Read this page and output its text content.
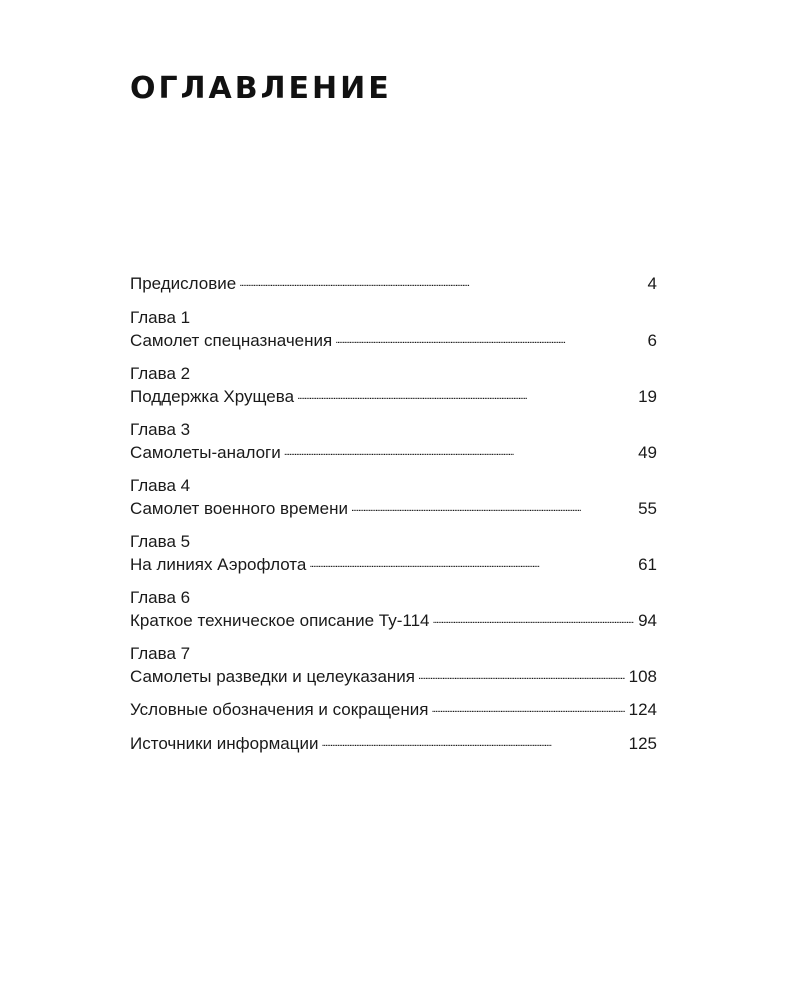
ОГЛАВЛЕНИЕ
Предисловие . . .	4
Глава 1
Самолет спецназначения . . .	6
Глава 2
Поддержка Хрущева . . .	19
Глава 3
Самолеты-аналоги . . .	49
Глава 4
Самолет военного времени . . .	55
Глава 5
На линиях Аэрофлота . . .	61
Глава 6
Краткое техническое описание Ту-114 . . .	94
Глава 7
Самолеты разведки и целеуказания . . .	108
Условные обозначения и сокращения . . .	124
Источники информации . . .	125
